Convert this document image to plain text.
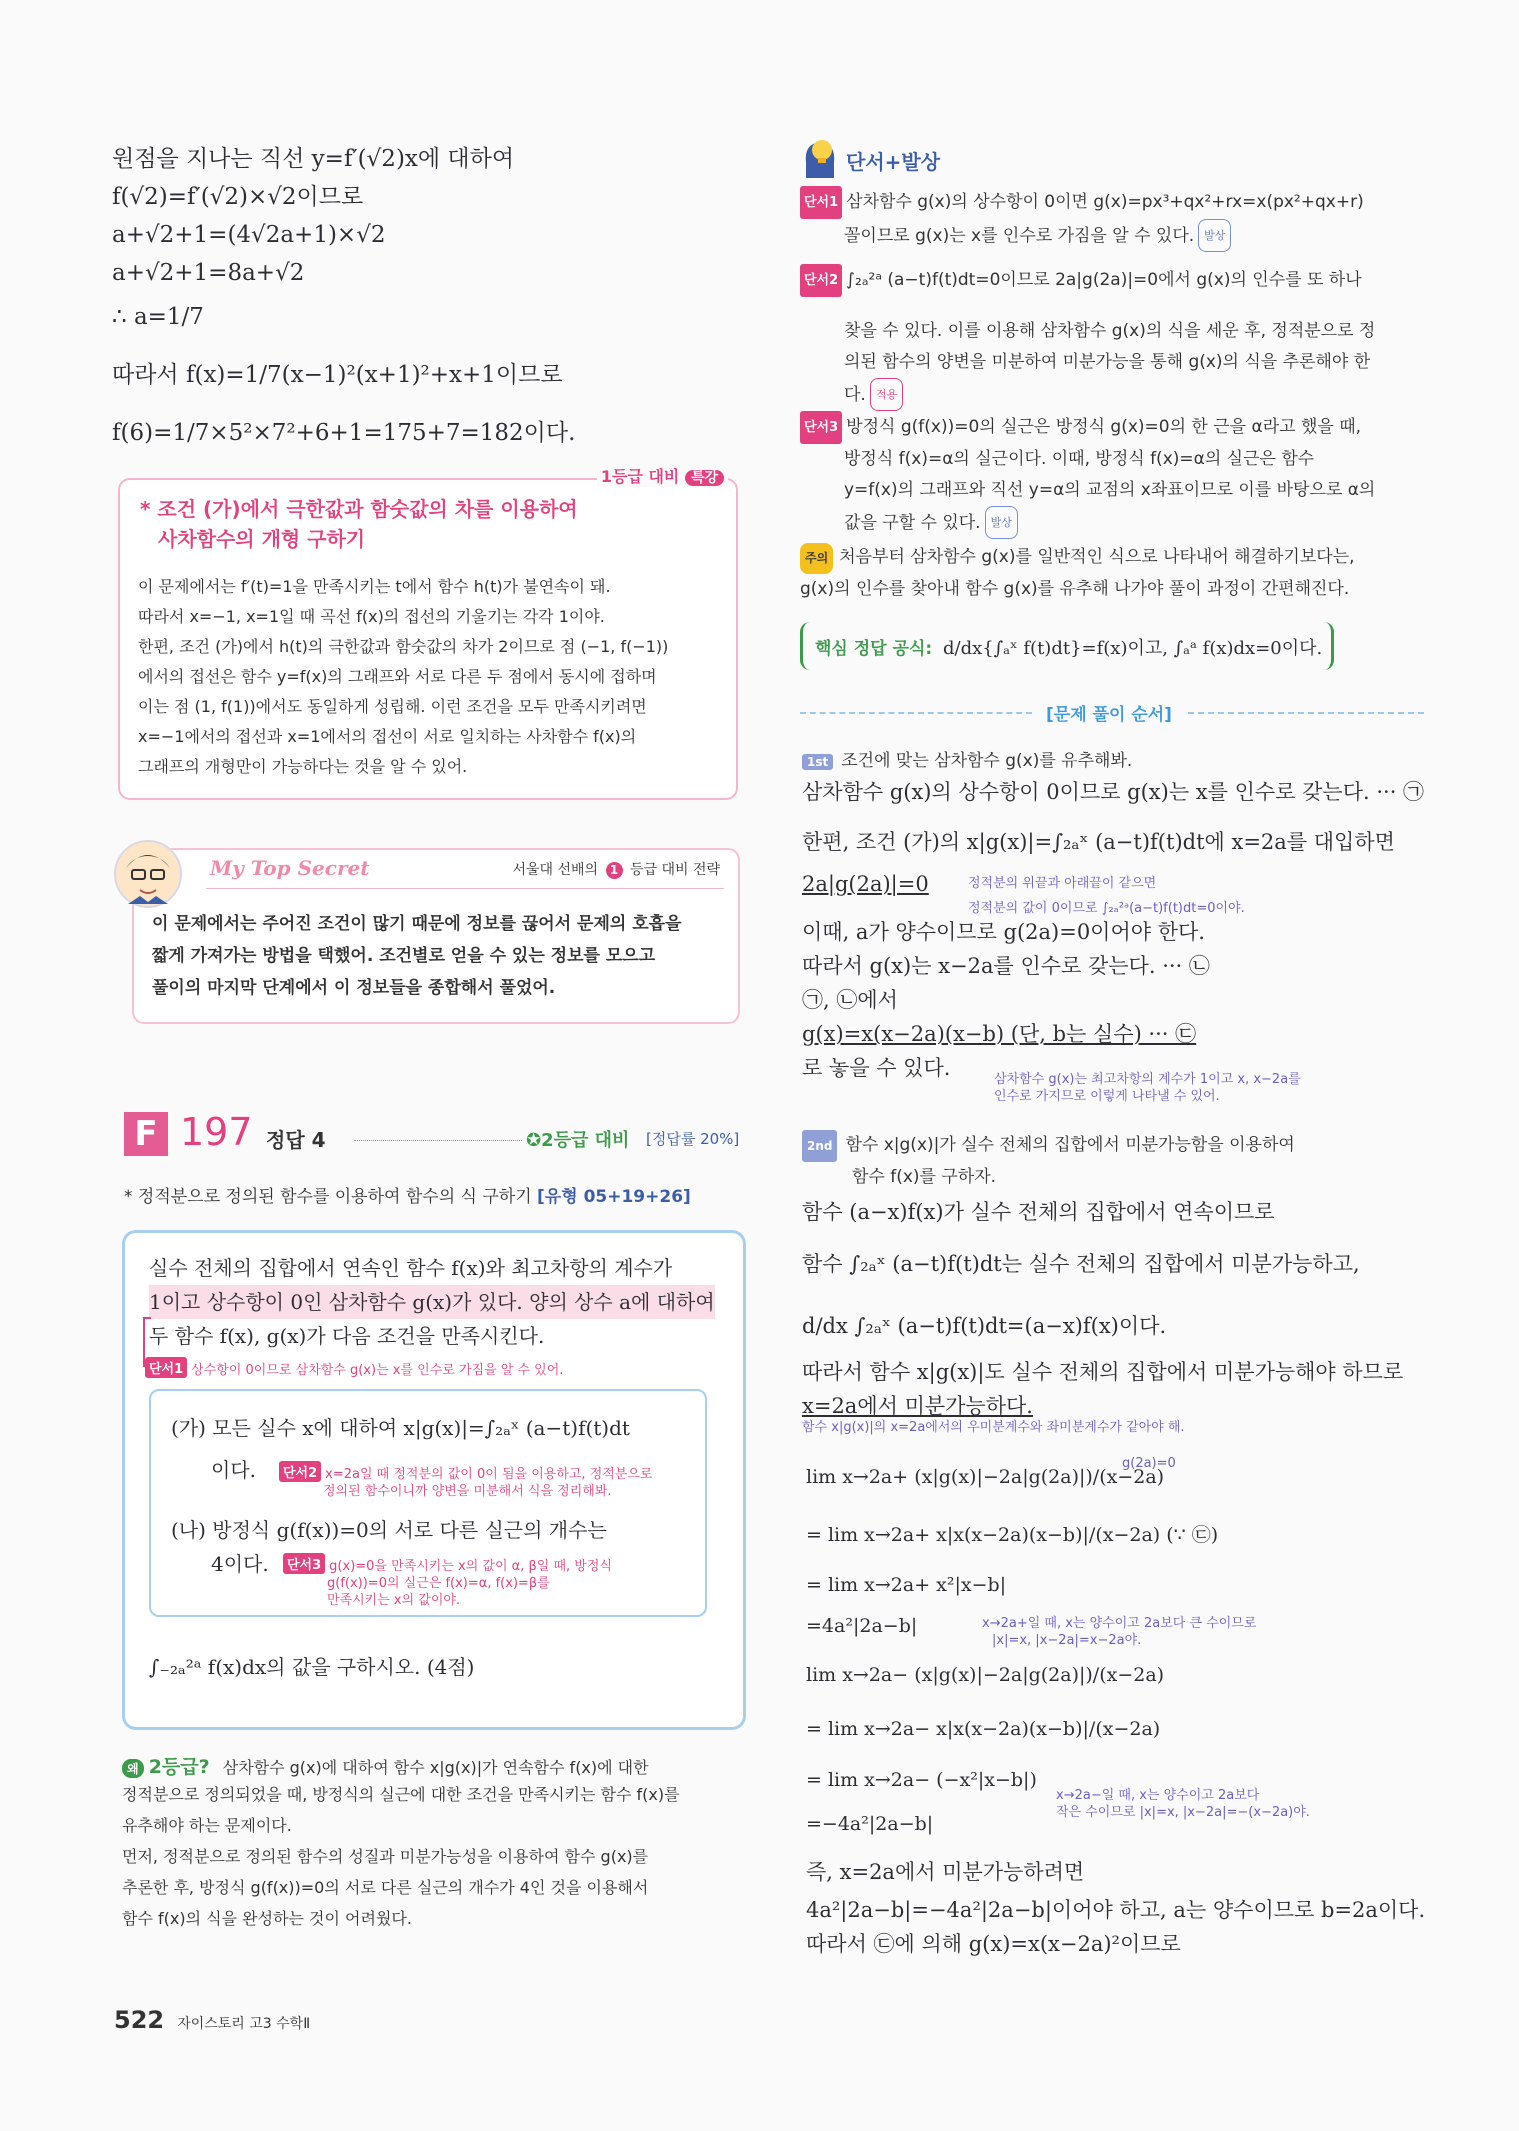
원점을 지나는 직선 y=f′(√2)x에 대하여
f(√2)=f′(√2)×√2이므로
a+√2+1=(4√2a+1)×√2
a+√2+1=8a+√2
∴ a=1/7
따라서 f(x)=1/7(x−1)²(x+1)²+x+1이므로
f(6)=1/7×5²×7²+6+1=175+7=182이다.
1등급 대비 특강
* 조건 (가)에서 극한값과 함숫값의 차를 이용하여
사차함수의 개형 구하기
이 문제에서는 f′(t)=1을 만족시키는 t에서 함수 h(t)가 불연속이 돼.
따라서 x=−1, x=1일 때 곡선 f(x)의 접선의 기울기는 각각 1이야.
한편, 조건 (가)에서 h(t)의 극한값과 함숫값의 차가 2이므로 점 (−1, f(−1))
에서의 접선은 함수 y=f(x)의 그래프와 서로 다른 두 점에서 동시에 접하며
이는 점 (1, f(1))에서도 동일하게 성립해. 이런 조건을 모두 만족시키려면
x=−1에서의 접선과 x=1에서의 접선이 서로 일치하는 사차함수 f(x)의
그래프의 개형만이 가능하다는 것을 알 수 있어.
My Top Secret	서울대 선배의 1 등급 대비 전략
이 문제에서는 주어진 조건이 많기 때문에 정보를 끊어서 문제의 호흡을
짧게 가져가는 방법을 택했어. 조건별로 얻을 수 있는 정보를 모으고
풀이의 마지막 단계에서 이 정보들을 종합해서 풀었어.
F 197 정답 4	✪2등급 대비 [정답률 20%]
* 정적분으로 정의된 함수를 이용하여 함수의 식 구하기 [유형 05+19+26]
실수 전체의 집합에서 연속인 함수 f(x)와 최고차항의 계수가
1이고 상수항이 0인 삼차함수 g(x)가 있다. 양의 상수 a에 대하여
두 함수 f(x), g(x)가 다음 조건을 만족시킨다.
단서1 상수항이 0이므로 삼차함수 g(x)는 x를 인수로 가짐을 알 수 있어.
(가) 모든 실수 x에 대하여 x|g(x)|=∫₂ₐˣ (a−t)f(t)dt
이다.	단서2 x=2a일 때 정적분의 값이 0이 됨을 이용하고, 정적분으로
정의된 함수이니까 양변을 미분해서 식을 정리해봐.
(나) 방정식 g(f(x))=0의 서로 다른 실근의 개수는
4이다.	단서3 g(x)=0을 만족시키는 x의 값이 α, β일 때, 방정식
g(f(x))=0의 실근은 f(x)=α, f(x)=β를
만족시키는 x의 값이야.
∫₋₂ₐ²ᵃ f(x)dx의 값을 구하시오. (4점)
왜 2등급? 삼차함수 g(x)에 대하여 함수 x|g(x)|가 연속함수 f(x)에 대한
정적분으로 정의되었을 때, 방정식의 실근에 대한 조건을 만족시키는 함수 f(x)를
유추해야 하는 문제이다.
먼저, 정적분으로 정의된 함수의 성질과 미분가능성을 이용하여 함수 g(x)를
추론한 후, 방정식 g(f(x))=0의 서로 다른 실근의 개수가 4인 것을 이용해서
함수 f(x)의 식을 완성하는 것이 어려웠다.
522 자이스토리 고3 수학Ⅱ
단서+발상
단서1 삼차함수 g(x)의 상수항이 0이면 g(x)=px³+qx²+rx=x(px²+qx+r)
꼴이므로 g(x)는 x를 인수로 가짐을 알 수 있다. 발상
단서2 ∫₂ₐ²ᵃ (a−t)f(t)dt=0이므로 2a|g(2a)|=0에서 g(x)의 인수를 또 하나
찾을 수 있다. 이를 이용해 삼차함수 g(x)의 식을 세운 후, 정적분으로 정
의된 함수의 양변을 미분하여 미분가능을 통해 g(x)의 식을 추론해야 한
다. 적용
단서3 방정식 g(f(x))=0의 실근은 방정식 g(x)=0의 한 근을 α라고 했을 때,
방정식 f(x)=α의 실근이다. 이때, 방정식 f(x)=α의 실근은 함수
y=f(x)의 그래프와 직선 y=α의 교점의 x좌표이므로 이를 바탕으로 α의
값을 구할 수 있다. 발상
주의 처음부터 삼차함수 g(x)를 일반적인 식으로 나타내어 해결하기보다는,
g(x)의 인수를 찾아내 함수 g(x)를 유추해 나가야 풀이 과정이 간편해진다.
핵심 정답 공식: d/dx{∫ₐˣ f(t)dt}=f(x)이고, ∫ₐᵃ f(x)dx=0이다.
[문제 풀이 순서]
1st 조건에 맞는 삼차함수 g(x)를 유추해봐.
삼차함수 g(x)의 상수항이 0이므로 g(x)는 x를 인수로 갖는다. ··· ㉠
한편, 조건 (가)의 x|g(x)|=∫₂ₐˣ (a−t)f(t)dt에 x=2a를 대입하면
2a|g(2a)|=0
이때, a가 양수이므로 g(2a)=0이어야 한다.
따라서 g(x)는 x−2a를 인수로 갖는다. ··· ㉡
㉠, ㉡에서
g(x)=x(x−2a)(x−b) (단, b는 실수) ··· ㉢
로 놓을 수 있다.
정적분의 위끝과 아래끝이 같으면
정적분의 값이 0이므로 ∫₂ₐ²ᵃ(a−t)f(t)dt=0이야.
삼차함수 g(x)는 최고차항의 계수가 1이고 x, x−2a를
인수로 가지므로 이렇게 나타낼 수 있어.
2nd 함수 x|g(x)|가 실수 전체의 집합에서 미분가능함을 이용하여
함수 f(x)를 구하자.
함수 (a−x)f(x)가 실수 전체의 집합에서 연속이므로
함수 ∫₂ₐˣ (a−t)f(t)dt는 실수 전체의 집합에서 미분가능하고,
d/dx ∫₂ₐˣ (a−t)f(t)dt=(a−x)f(x)이다.
따라서 함수 x|g(x)|도 실수 전체의 집합에서 미분가능해야 하므로
x=2a에서 미분가능하다.
함수 x|g(x)|의 x=2a에서의 우미분계수와 좌미분계수가 같아야 해.
lim x→2a+ (x|g(x)|−2a|g(2a)|)/(x−2a)
= lim x→2a+ x|x(x−2a)(x−b)|/(x−2a) (∵ ㉢)
= lim x→2a+ x²|x−b|
=4a²|2a−b|
lim x→2a− (x|g(x)|−2a|g(2a)|)/(x−2a)
= lim x→2a− x|x(x−2a)(x−b)|/(x−2a)
= lim x→2a− (−x²|x−b|)
=−4a²|2a−b|
g(2a)=0
x→2a+일 때, x는 양수이고 2a보다 큰 수이므로
|x|=x, |x−2a|=x−2a야.
x→2a−일 때, x는 양수이고 2a보다
작은 수이므로 |x|=x, |x−2a|=−(x−2a)야.
즉, x=2a에서 미분가능하려면
4a²|2a−b|=−4a²|2a−b|이어야 하고, a는 양수이므로 b=2a이다.
따라서 ㉢에 의해 g(x)=x(x−2a)²이므로
